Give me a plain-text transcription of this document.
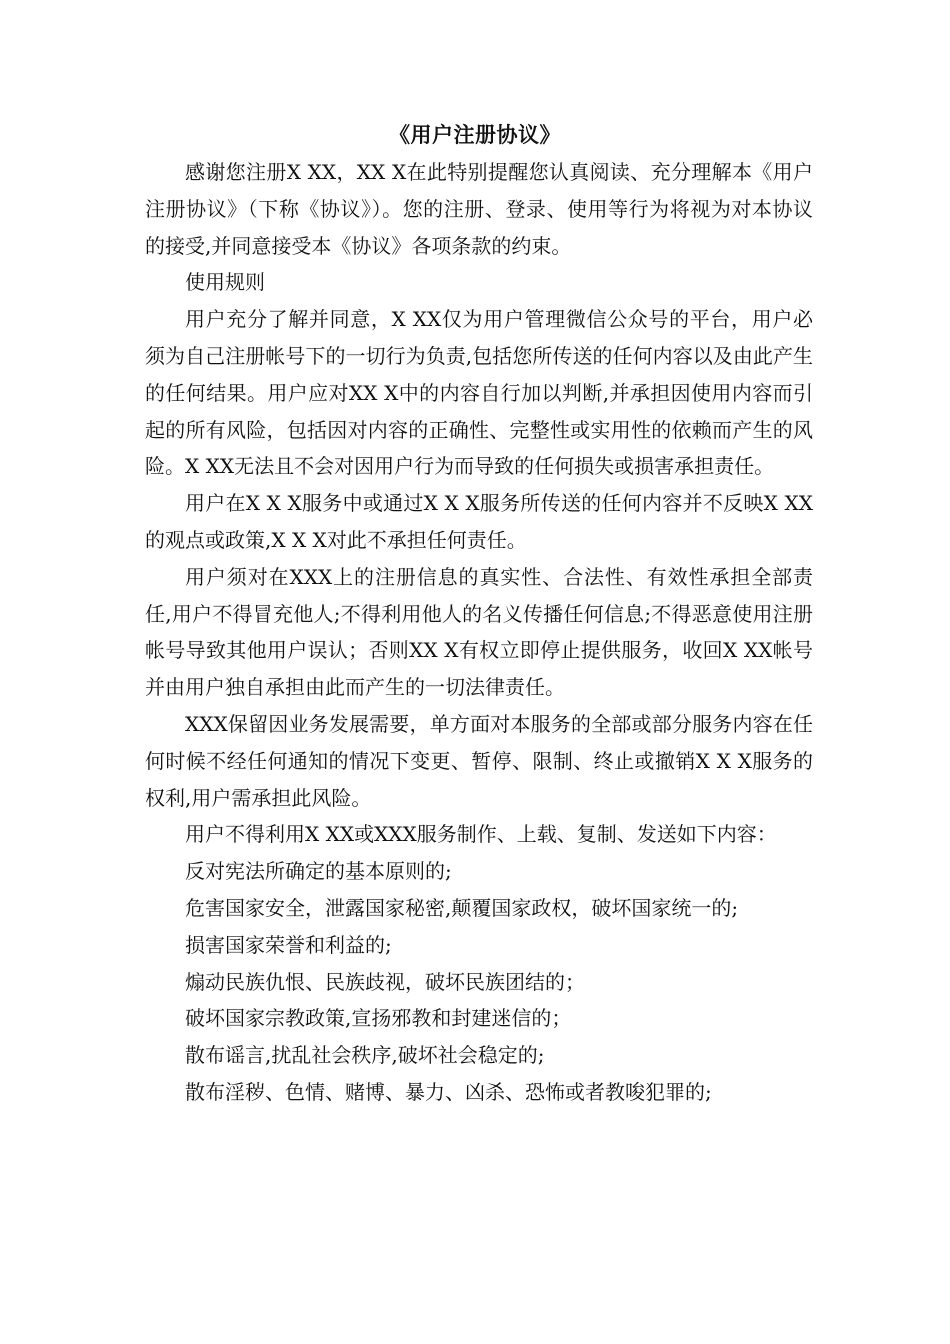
《用户注册协议》

感谢您注册X XX，XX X在此特别提醒您认真阅读、充分理解本《用户注册协议》（下称《协议》）。您的注册、登录、使用等行为将视为对本协议的接受,并同意接受本《协议》各项条款的约束。

使用规则

用户充分了解并同意，X XX仅为用户管理微信公众号的平台，用户必须为自己注册帐号下的一切行为负责,包括您所传送的任何内容以及由此产生的任何结果。用户应对XX X中的内容自行加以判断,并承担因使用内容而引起的所有风险，包括因对内容的正确性、完整性或实用性的依赖而产生的风险。X XX无法且不会对因用户行为而导致的任何损失或损害承担责任。

用户在X X X服务中或通过X X X服务所传送的任何内容并不反映X XX的观点或政策,X X X对此不承担任何责任。

用户须对在XXX上的注册信息的真实性、合法性、有效性承担全部责任,用户不得冒充他人;不得利用他人的名义传播任何信息;不得恶意使用注册帐号导致其他用户误认；否则XX X有权立即停止提供服务，收回X XX帐号并由用户独自承担由此而产生的一切法律责任。

XXX保留因业务发展需要，单方面对本服务的全部或部分服务内容在任何时候不经任何通知的情况下变更、暂停、限制、终止或撤销X X X服务的权利,用户需承担此风险。

用户不得利用X XX或XXX服务制作、上载、复制、发送如下内容：

反对宪法所确定的基本原则的;

危害国家安全，泄露国家秘密,颠覆国家政权，破坏国家统一的;

损害国家荣誉和利益的;

煽动民族仇恨、民族歧视，破坏民族团结的；

破坏国家宗教政策,宣扬邪教和封建迷信的；

散布谣言,扰乱社会秩序,破坏社会稳定的;

散布淫秽、色情、赌博、暴力、凶杀、恐怖或者教唆犯罪的;
